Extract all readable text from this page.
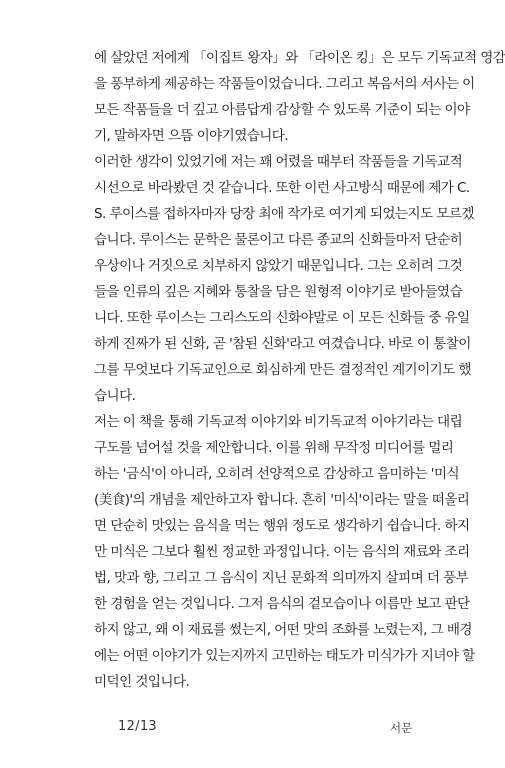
에 살았던 저에게 「이집트 왕자」와 「라이온 킹」은 모두 기독교적 영감
을 풍부하게 제공하는 작품들이었습니다. 그리고 복음서의 서사는 이
모든 작품들을 더 깊고 아름답게 감상할 수 있도록 기준이 되는 이야
기, 말하자면 으뜸 이야기였습니다.
이러한 생각이 있었기에 저는 꽤 어렸을 때부터 작품들을 기독교적
시선으로 바라봤던 것 같습니다. 또한 이런 사고방식 때문에 제가 C.
S. 루이스를 접하자마자 당장 최애 작가로 여기게 되었는지도 모르겠
습니다. 루이스는 문학은 물론이고 다른 종교의 신화들마저 단순히
우상이나 거짓으로 치부하지 않았기 때문입니다. 그는 오히려 그것
들을 인류의 깊은 지혜와 통찰을 담은 원형적 이야기로 받아들였습
니다. 또한 루이스는 그리스도의 신화야말로 이 모든 신화들 중 유일
하게 진짜가 된 신화, 곧 '참된 신화'라고 여겼습니다. 바로 이 통찰이
그를 무엇보다 기독교인으로 회심하게 만든 결정적인 계기이기도 했
습니다.
저는 이 책을 통해 기독교적 이야기와 비기독교적 이야기라는 대립
구도를 넘어설 것을 제안합니다. 이를 위해 무작정 미디어를 멀리
하는 '금식'이 아니라, 오히려 선양적으로 감상하고 음미하는 '미식
(美食)'의 개념을 제안하고자 합니다. 흔히 '미식'이라는 말을 떠올리
면 단순히 맛있는 음식을 먹는 행위 정도로 생각하기 쉽습니다. 하지
만 미식은 그보다 훨씬 정교한 과정입니다. 이는 음식의 재료와 조리
법, 맛과 향, 그리고 그 음식이 지닌 문화적 의미까지 살피며 더 풍부
한 경험을 얻는 것입니다. 그저 음식의 겉모습이나 이름만 보고 판단
하지 않고, 왜 이 재료를 썼는지, 어떤 맛의 조화를 노렸는지, 그 배경
에는 어떤 이야기가 있는지까지 고민하는 태도가 미식가가 지녀야 할
미덕인 것입니다.
12/13	서문
